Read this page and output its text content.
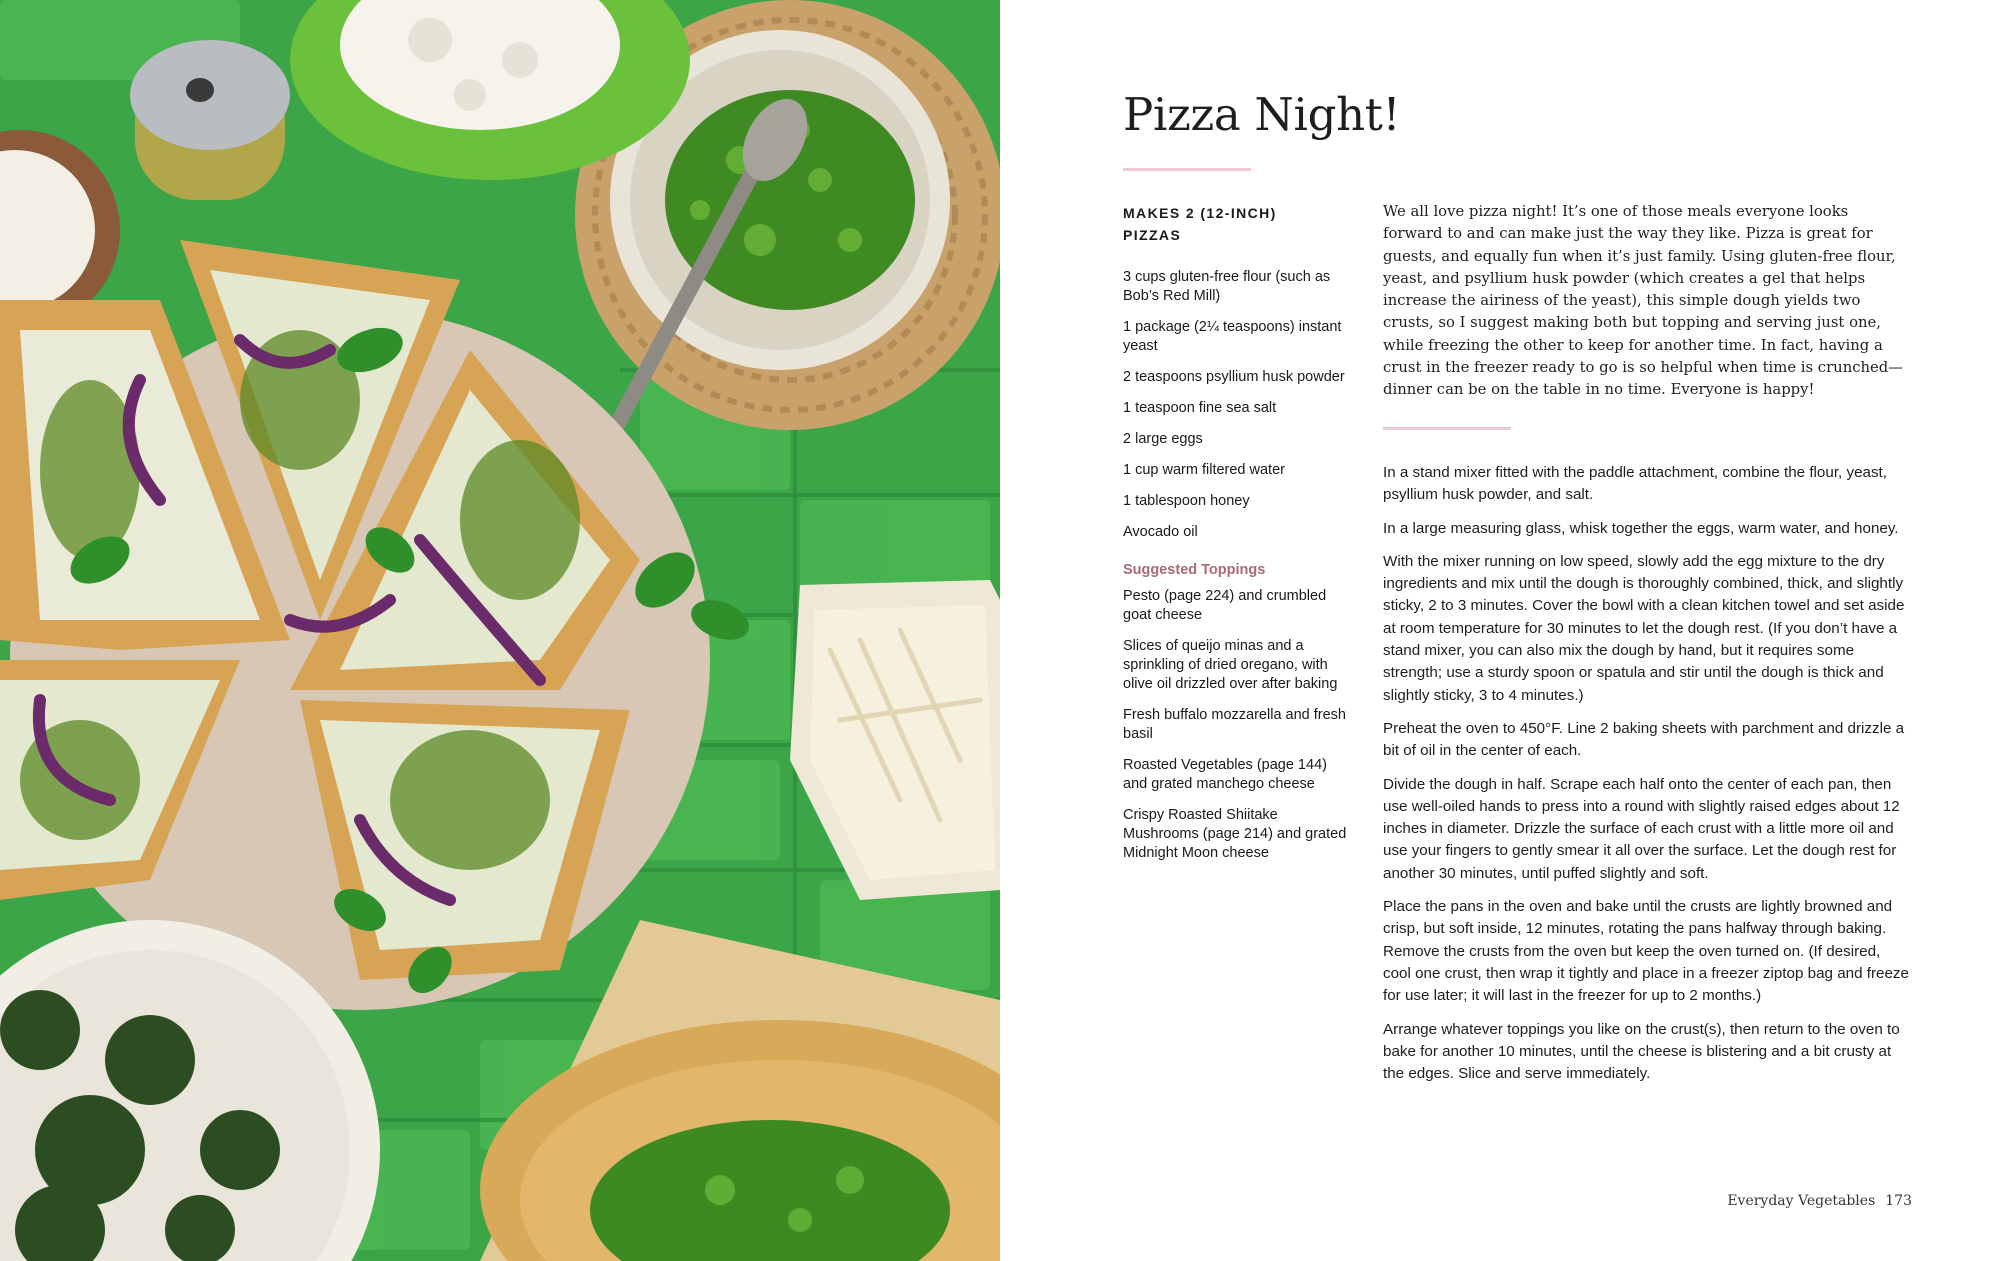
Pizza Night!
MAKES 2 (12-INCH) PIZZAS
3 cups gluten-free flour (such as Bob’s Red Mill)
1 package (2¼ teaspoons) instant yeast
2 teaspoons psyllium husk powder
1 teaspoon fine sea salt
2 large eggs
1 cup warm filtered water
1 tablespoon honey
Avocado oil
Suggested Toppings
Pesto (page 224) and crumbled goat cheese
Slices of queijo minas and a sprinkling of dried oregano, with olive oil drizzled over after baking
Fresh buffalo mozzarella and fresh basil
Roasted Vegetables (page 144) and grated manchego cheese
Crispy Roasted Shiitake Mushrooms (page 214) and grated Midnight Moon cheese

We all love pizza night! It’s one of those meals everyone looks forward to and can make just the way they like. Pizza is great for guests, and equally fun when it’s just family. Using gluten-free flour, yeast, and psyllium husk powder (which creates a gel that helps increase the airiness of the yeast), this simple dough yields two crusts, so I suggest making both but topping and serving just one, while freezing the other to keep for another time. In fact, having a crust in the freezer ready to go is so helpful when time is crunched—dinner can be on the table in no time. Everyone is happy!

In a stand mixer fitted with the paddle attachment, combine the flour, yeast, psyllium husk powder, and salt.

In a large measuring glass, whisk together the eggs, warm water, and honey.

With the mixer running on low speed, slowly add the egg mixture to the dry ingredients and mix until the dough is thoroughly combined, thick, and slightly sticky, 2 to 3 minutes. Cover the bowl with a clean kitchen towel and set aside at room temperature for 30 minutes to let the dough rest. (If you don’t have a stand mixer, you can also mix the dough by hand, but it requires some strength; use a sturdy spoon or spatula and stir until the dough is thick and slightly sticky, 3 to 4 minutes.)

Preheat the oven to 450°F. Line 2 baking sheets with parchment and drizzle a bit of oil in the center of each.

Divide the dough in half. Scrape each half onto the center of each pan, then use well-oiled hands to press into a round with slightly raised edges about 12 inches in diameter. Drizzle the surface of each crust with a little more oil and use your fingers to gently smear it all over the surface. Let the dough rest for another 30 minutes, until puffed slightly and soft.

Place the pans in the oven and bake until the crusts are lightly browned and crisp, but soft inside, 12 minutes, rotating the pans halfway through baking. Remove the crusts from the oven but keep the oven turned on. (If desired, cool one crust, then wrap it tightly and place in a freezer ziptop bag and freeze for use later; it will last in the freezer for up to 2 months.)

Arrange whatever toppings you like on the crust(s), then return to the oven to bake for another 10 minutes, until the cheese is blistering and a bit crusty at the edges. Slice and serve immediately.

Everyday Vegetables 173
